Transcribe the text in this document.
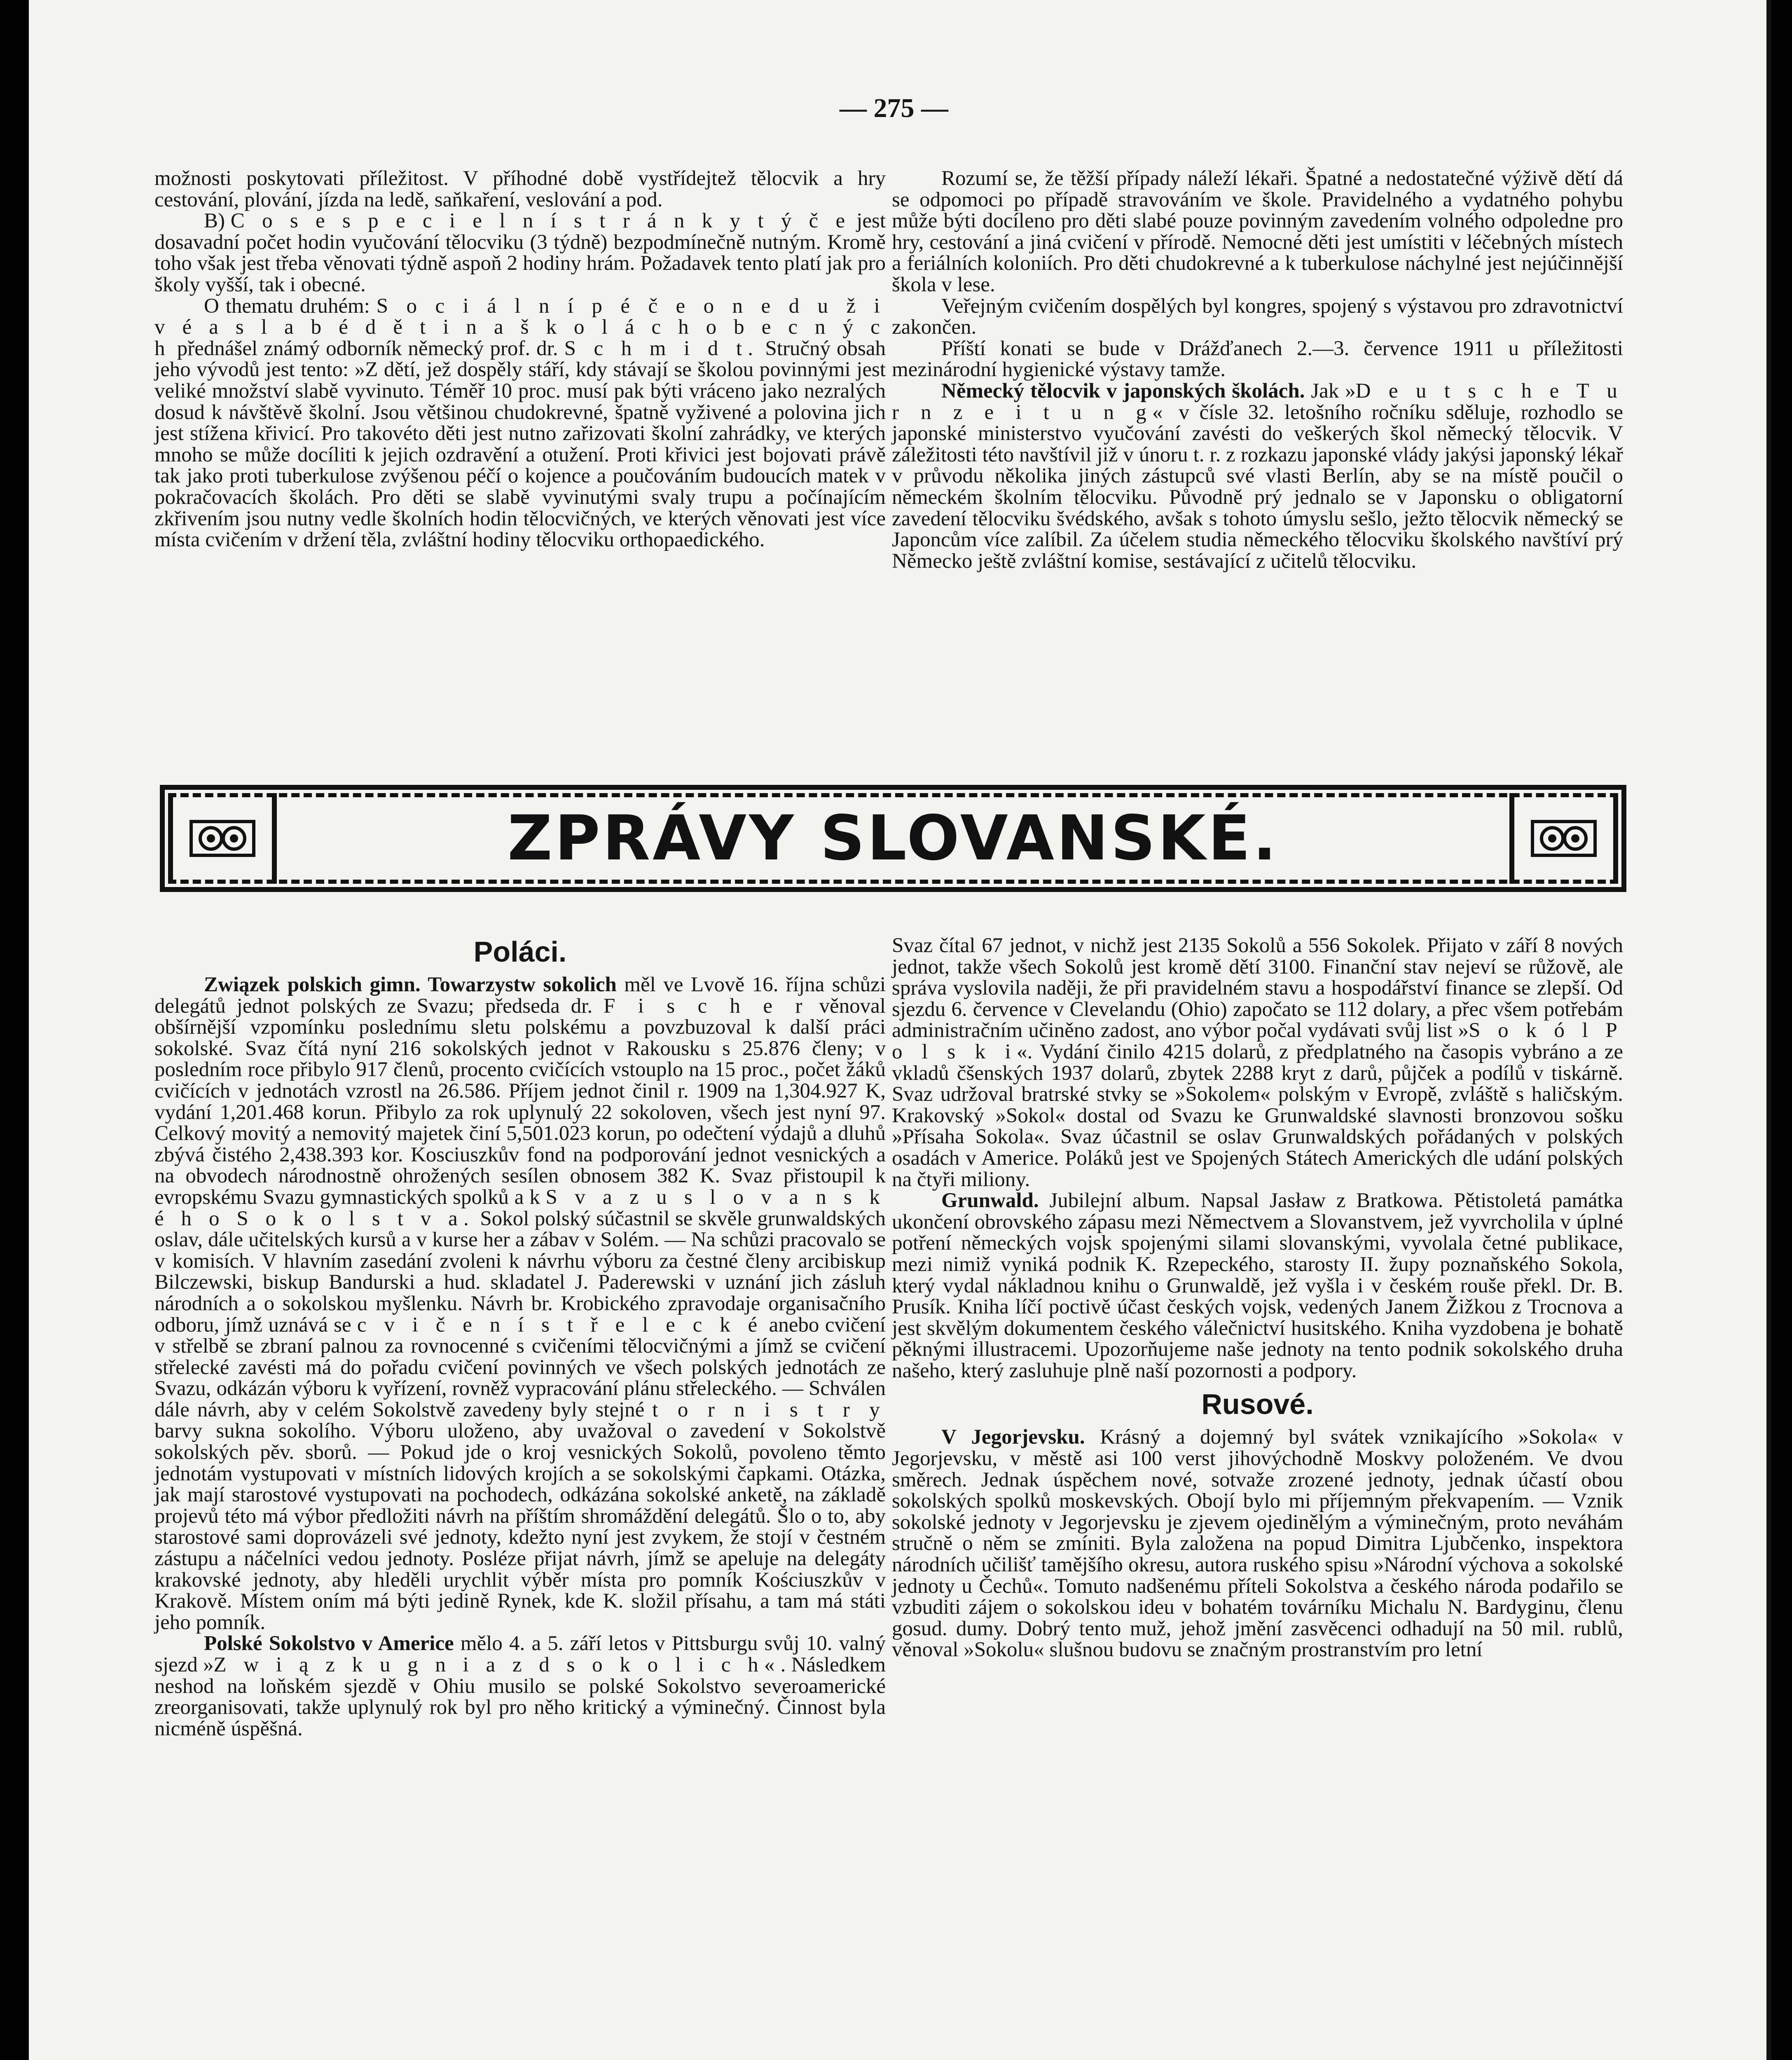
— 275 —

možnosti poskytovati příležitost. V příhodné době vystřídejtež tělocvik a hry cestování, plování, jízda na ledě, saňkaření, veslování a pod.

B) C o s e s p e c i e l n í s t r á n k y t ý č e jest dosavadní počet hodin vyučování tělocviku (3 týdně) bezpodmínečně nutným. Kromě toho však jest třeba věnovati týdně aspoň 2 hodiny hrám. Požadavek tento platí jak pro školy vyšší, tak i obecné.

O thematu druhém: S o c i á l n í p é č e o n e d u ž i v é a s l a b é d ě t i n a š k o l á c h o b e c n ý c h přednášel známý odborník německý prof. dr. S c h m i d t. Stručný obsah jeho vývodů jest tento: »Z dětí, jež dospěly stáří, kdy stávají se školou povinnými jest veliké množství slabě vyvinuto. Téměř 10 proc. musí pak býti vráceno jako nezralých dosud k návštěvě školní. Jsou většinou chudokrevné, špatně vyživené a polovina jich jest stížena křivicí. Pro takovéto děti jest nutno zařizovati školní zahrádky, ve kterých mnoho se může docíliti k jejich ozdravění a otužení. Proti křivici jest bojovati právě tak jako proti tuberkulose zvýšenou péčí o kojence a poučováním budoucích matek v pokračovacích školách. Pro děti se slabě vyvinutými svaly trupu a počínajícím zkřivením jsou nutny vedle školních hodin tělocvičných, ve kterých věnovati jest více místa cvičením v držení těla, zvláštní hodiny tělocviku orthopaedického.

Rozumí se, že těžší případy náleží lékaři. Špatné a nedostatečné výživě dětí dá se odpomoci po případě stravováním ve škole. Pravidelného a vydatného pohybu může býti docíleno pro děti slabé pouze povinným zavedením volného odpoledne pro hry, cestování a jiná cvičení v přírodě. Nemocné děti jest umístiti v léčebných místech a feriálních koloniích. Pro děti chudokrevné a k tuberkulose náchylné jest nejúčinnější škola v lese.

Veřejným cvičením dospělých byl kongres, spojený s výstavou pro zdravotnictví zakončen.

Příští konati se bude v Drážďanech 2.—3. července 1911 u příležitosti mezinárodní hygienické výstavy tamže.

Německý tělocvik v japonských školách. Jak »D e u t s c h e T u r n z e i t u n g« v čísle 32. letošního ročníku sděluje, rozhodlo se japonské ministerstvo vyučování zavésti do veškerých škol německý tělocvik. V záležitosti této navštívil již v únoru t. r. z rozkazu japonské vlády jakýsi japonský lékař v průvodu několika jiných zástupců své vlasti Berlín, aby se na místě poučil o německém školním tělocviku. Původně prý jednalo se v Japonsku o obligatorní zavedení tělocviku švédského, avšak s tohoto úmyslu sešlo, ježto tělocvik německý se Japoncům více zalíbil. Za účelem studia německého tělocviku školského navštíví prý Německo ještě zvláštní komise, sestávající z učitelů tělocviku.

ZPRÁVY SLOVANSKÉ.
Poláci.

Związek polskich gimn. Towarzystw sokolich měl ve Lvově 16. října schůzi delegátů jednot polských ze Svazu; předseda dr. F i s c h e r věnoval obšírnější vzpomínku poslednímu sletu polskému a povzbuzoval k další práci sokolské. Svaz čítá nyní 216 sokolských jednot v Rakousku s 25.876 členy; v posledním roce přibylo 917 členů, procento cvičících vstouplo na 15 proc., počet žáků cvičících v jednotách vzrostl na 26.586. Příjem jednot činil r. 1909 na 1,304.927 K, vydání 1,201.468 korun. Přibylo za rok uplynulý 22 sokoloven, všech jest nyní 97. Celkový movitý a nemovitý majetek činí 5,501.023 korun, po odečtení výdajů a dluhů zbývá čistého 2,438.393 kor. Kosciuszkův fond na podporování jednot vesnických a na obvodech národnostně ohrožených sesílen obnosem 382 K. Svaz přistoupil k evropskému Svazu gymnastických spolků a k S v a z u s l o v a n s k é h o S o k o l s t v a. Sokol polský súčastnil se skvěle grunwaldských oslav, dále učitelských kursů a v kurse her a zábav v Solém. — Na schůzi pracovalo se v komisích. V hlavním zasedání zvoleni k návrhu výboru za čestné členy arcibiskup Bilczewski, biskup Bandurski a hud. skladatel J. Paderewski v uznání jich zásluh národních a o sokolskou myšlenku. Návrh br. Krobického zpravodaje organisačního odboru, jímž uznává se c v i č e n í s t ř e l e c k é anebo cvičení v střelbě se zbraní palnou za rovnocenné s cvičeními tělocvičnými a jímž se cvičení střelecké zavésti má do pořadu cvičení povinných ve všech polských jednotách ze Svazu, odkázán výboru k vyřízení, rovněž vypracování plánu střeleckého. — Schválen dále návrh, aby v celém Sokolstvě zavedeny byly stejné t o r n i s t r y barvy sukna sokolího. Výboru uloženo, aby uvažoval o zavedení v Sokolstvě sokolských pěv. sborů. — Pokud jde o kroj vesnických Sokolů, povoleno těmto jednotám vystupovati v místních lidových krojích a se sokolskými čapkami. Otázka, jak mají starostové vystupovati na pochodech, odkázána sokolské anketě, na základě projevů této má výbor předložiti návrh na příštím shromáždění delegátů. Šlo o to, aby starostové sami doprovázeli své jednoty, kdežto nyní jest zvykem, že stojí v čestném zástupu a náčelníci vedou jednoty. Posléze přijat návrh, jímž se apeluje na delegáty krakovské jednoty, aby hleděli urychlit výběr místa pro pomník Kościuszkův v Krakově. Místem oním má býti jedině Rynek, kde K. složil přísahu, a tam má státi jeho pomník.

Polské Sokolstvo v Americe mělo 4. a 5. září letos v Pittsburgu svůj 10. valný sjezd »Z w i ą z k u g n i a z d s o k o l i c h«. Následkem neshod na loňském sjezdě v Ohiu musilo se polské Sokolstvo severoamerické zreorganisovati, takže uplynulý rok byl pro něho kritický a výminečný. Činnost byla nicméně úspěšná.

Svaz čítal 67 jednot, v nichž jest 2135 Sokolů a 556 Sokolek. Přijato v září 8 nových jednot, takže všech Sokolů jest kromě dětí 3100. Finanční stav nejeví se růžově, ale správa vyslovila naději, že při pravidelném stavu a hospodářství finance se zlepší. Od sjezdu 6. července v Clevelandu (Ohio) započato se 112 dolary, a přec všem potřebám administračním učiněno zadost, ano výbor počal vydávati svůj list »S o k ó l P o l s k i«. Vydání činilo 4215 dolarů, z předplatného na časopis vybráno a ze vkladů čšenských 1937 dolarů, zbytek 2288 kryt z darů, půjček a podílů v tiskárně. Svaz udržoval bratrské stvky se »Sokolem« polským v Evropě, zvláště s haličským. Krakovský »Sokol« dostal od Svazu ke Grunwaldské slavnosti bronzovou sošku »Přísaha Sokola«. Svaz účastnil se oslav Grunwaldských pořádaných v polských osadách v Americe. Poláků jest ve Spojených Státech Amerických dle udání polských na čtyři miliony.

Grunwald. Jubilejní album. Napsal Jasław z Bratkowa. Pětistoletá památka ukončení obrovského zápasu mezi Němectvem a Slovanstvem, jež vyvrcholila v úplné potření německých vojsk spojenými silami slovanskými, vyvolala četné publikace, mezi nimiž vyniká podnik K. Rzepeckého, starosty II. župy poznaňského Sokola, který vydal nákladnou knihu o Grunwaldě, jež vyšla i v českém rouše překl. Dr. B. Prusík. Kniha líčí poctivě účast českých vojsk, vedených Janem Žižkou z Trocnova a jest skvělým dokumentem českého válečnictví husitského. Kniha vyzdobena je bohatě pěknými illustracemi. Upozorňujeme naše jednoty na tento podnik sokolského druha našeho, který zasluhuje plně naší pozornosti a podpory.

Rusové.

V Jegorjevsku. Krásný a dojemný byl svátek vznikajícího »Sokola« v Jegorjevsku, v městě asi 100 verst jihovýchodně Moskvy položeném. Ve dvou směrech. Jednak úspěchem nové, sotvaže zrozené jednoty, jednak účastí obou sokolských spolků moskevských. Obojí bylo mi příjemným překvapením. — Vznik sokolské jednoty v Jegorjevsku je zjevem ojedinělým a výminečným, proto neváhám stručně o něm se zmíniti. Byla založena na popud Dimitra Ljubčenko, inspektora národních učilišť tamějšího okresu, autora ruského spisu »Národní výchova a sokolské jednoty u Čechů«. Tomuto nadšenému příteli Sokolstva a českého národa podařilo se vzbuditi zájem o sokolskou ideu v bohatém továrníku Michalu N. Bardyginu, členu gosud. dumy. Dobrý tento muž, jehož jmění zasvěcenci odhadují na 50 mil. rublů, věnoval »Sokolu« slušnou budovu se značným prostranstvím pro letní
